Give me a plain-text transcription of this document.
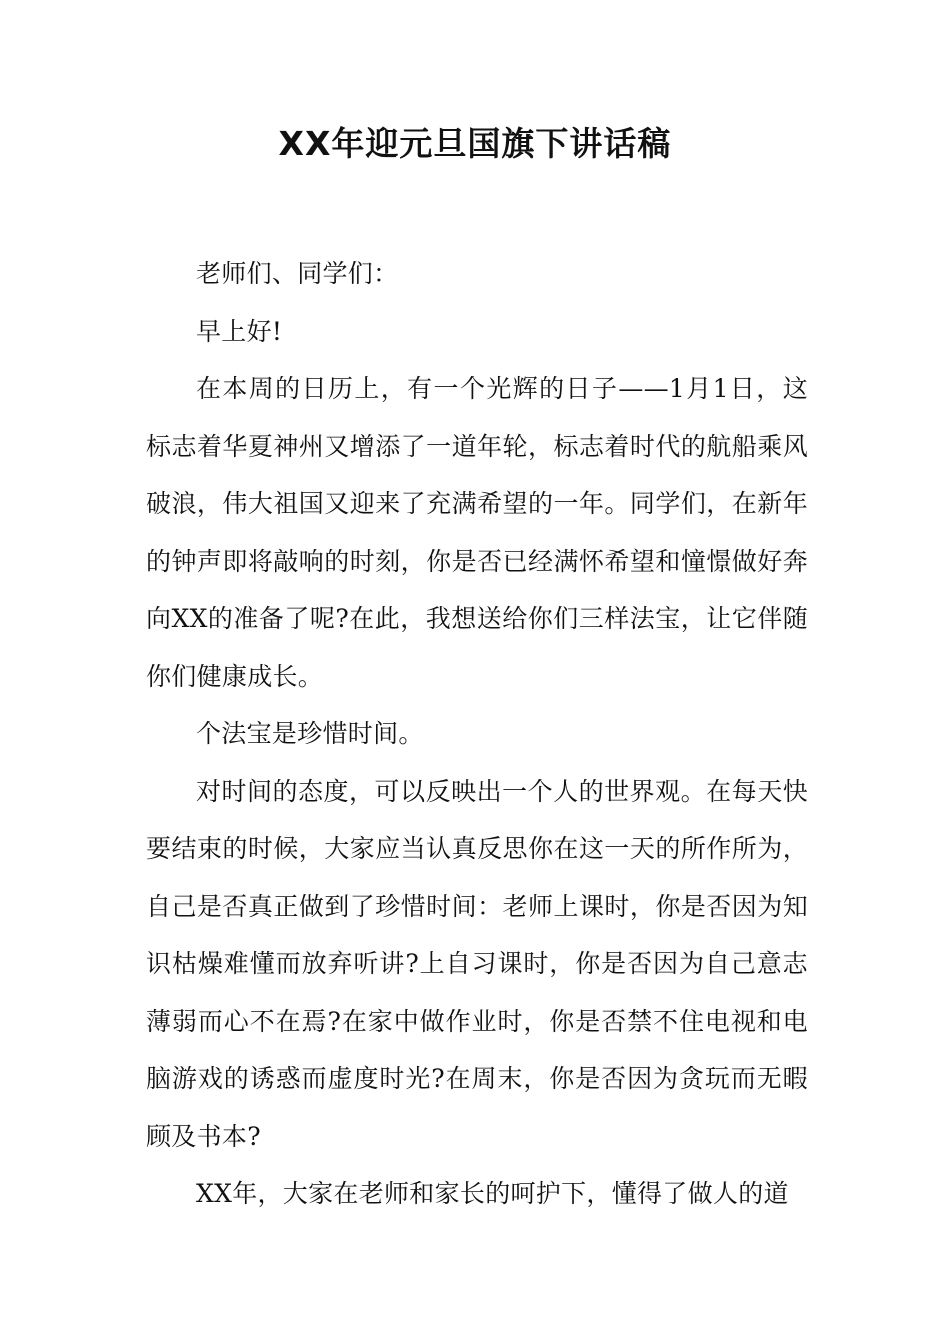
XX年迎元旦国旗下讲话稿

老师们、同学们：

早上好!

在本周的日历上，有一个光辉的日子——1月1日，这标志着华夏神州又增添了一道年轮，标志着时代的航船乘风破浪，伟大祖国又迎来了充满希望的一年。同学们，在新年的钟声即将敲响的时刻，你是否已经满怀希望和憧憬做好奔向XX的准备了呢?在此，我想送给你们三样法宝，让它伴随你们健康成长。

个法宝是珍惜时间。

对时间的态度，可以反映出一个人的世界观。在每天快要结束的时候，大家应当认真反思你在这一天的所作所为，自己是否真正做到了珍惜时间：老师上课时，你是否因为知识枯燥难懂而放弃听讲?上自习课时，你是否因为自己意志薄弱而心不在焉?在家中做作业时，你是否禁不住电视和电脑游戏的诱惑而虚度时光?在周末，你是否因为贪玩而无暇顾及书本?

XX年，大家在老师和家长的呵护下，懂得了做人的道
